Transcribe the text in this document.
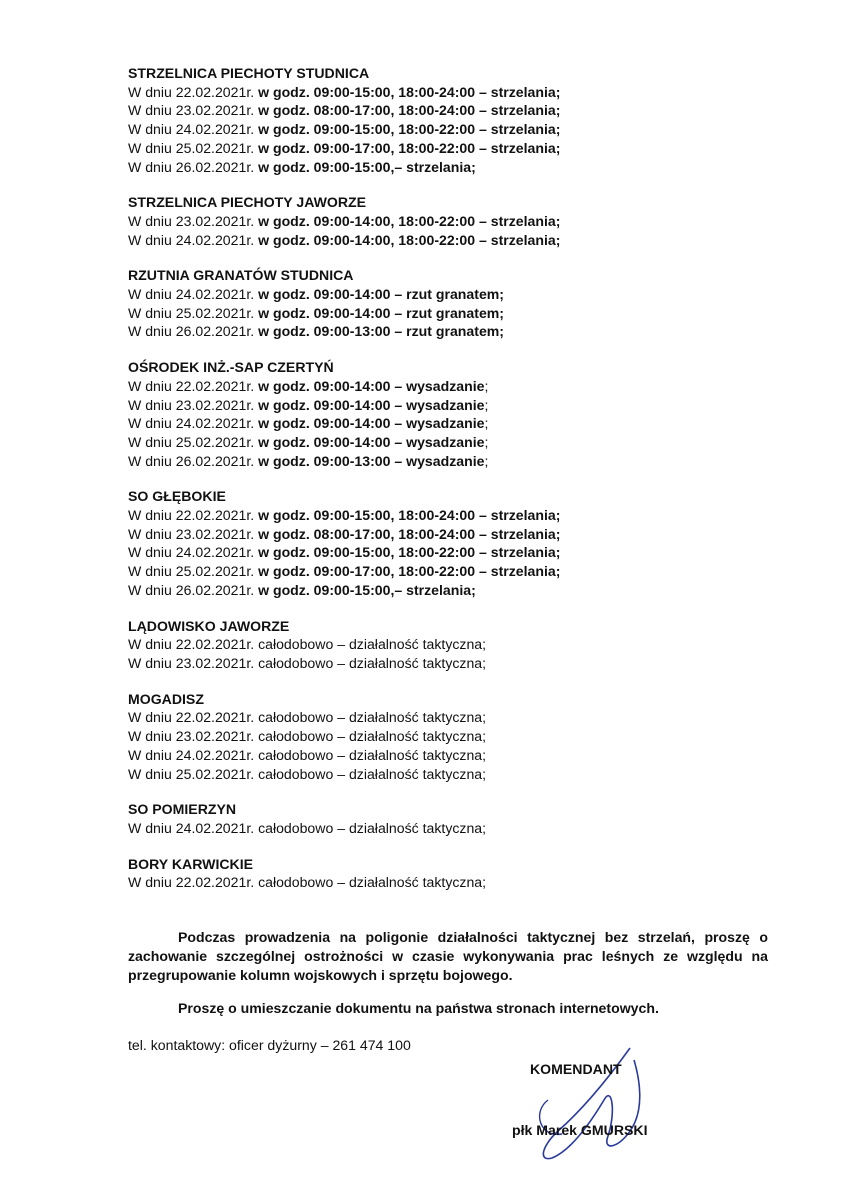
STRZELNICA PIECHOTY STUDNICA
W dniu 22.02.2021r. w godz. 09:00-15:00, 18:00-24:00 – strzelania;
W dniu 23.02.2021r. w godz. 08:00-17:00, 18:00-24:00 – strzelania;
W dniu 24.02.2021r. w godz. 09:00-15:00, 18:00-22:00 – strzelania;
W dniu 25.02.2021r. w godz. 09:00-17:00, 18:00-22:00 – strzelania;
W dniu 26.02.2021r. w godz. 09:00-15:00,– strzelania;
STRZELNICA PIECHOTY JAWORZE
W dniu 23.02.2021r. w godz. 09:00-14:00, 18:00-22:00 – strzelania;
W dniu 24.02.2021r. w godz. 09:00-14:00, 18:00-22:00 – strzelania;
RZUTNIA GRANATÓW STUDNICA
W dniu 24.02.2021r. w godz. 09:00-14:00 – rzut granatem;
W dniu 25.02.2021r. w godz. 09:00-14:00 – rzut granatem;
W dniu 26.02.2021r. w godz. 09:00-13:00 – rzut granatem;
OŚRODEK INŻ.-SAP CZERTYŃ
W dniu 22.02.2021r. w godz. 09:00-14:00 – wysadzanie;
W dniu 23.02.2021r. w godz. 09:00-14:00 – wysadzanie;
W dniu 24.02.2021r. w godz. 09:00-14:00 – wysadzanie;
W dniu 25.02.2021r. w godz. 09:00-14:00 – wysadzanie;
W dniu 26.02.2021r. w godz. 09:00-13:00 – wysadzanie;
SO GŁĘBOKIE
W dniu 22.02.2021r. w godz. 09:00-15:00, 18:00-24:00 – strzelania;
W dniu 23.02.2021r. w godz. 08:00-17:00, 18:00-24:00 – strzelania;
W dniu 24.02.2021r. w godz. 09:00-15:00, 18:00-22:00 – strzelania;
W dniu 25.02.2021r. w godz. 09:00-17:00, 18:00-22:00 – strzelania;
W dniu 26.02.2021r. w godz. 09:00-15:00,– strzelania;
LĄDOWISKO JAWORZE
W dniu 22.02.2021r. całodobowo – działalność taktyczna;
W dniu 23.02.2021r. całodobowo – działalność taktyczna;
MOGADISZ
W dniu 22.02.2021r. całodobowo – działalność taktyczna;
W dniu 23.02.2021r. całodobowo – działalność taktyczna;
W dniu 24.02.2021r. całodobowo – działalność taktyczna;
W dniu 25.02.2021r. całodobowo – działalność taktyczna;
SO POMIERZYN
W dniu 24.02.2021r. całodobowo – działalność taktyczna;
BORY KARWICKIE
W dniu 22.02.2021r. całodobowo – działalność taktyczna;
Podczas prowadzenia na poligonie działalności taktycznej bez strzelań, proszę o zachowanie szczególnej ostrożności w czasie wykonywania prac leśnych ze względu na przegrupowanie kolumn wojskowych i sprzętu bojowego.
Proszę o umieszczanie dokumentu na państwa stronach internetowych.
tel. kontaktowy: oficer dyżurny – 261 474 100
KOMENDANT
płk Marek GMURSKI
